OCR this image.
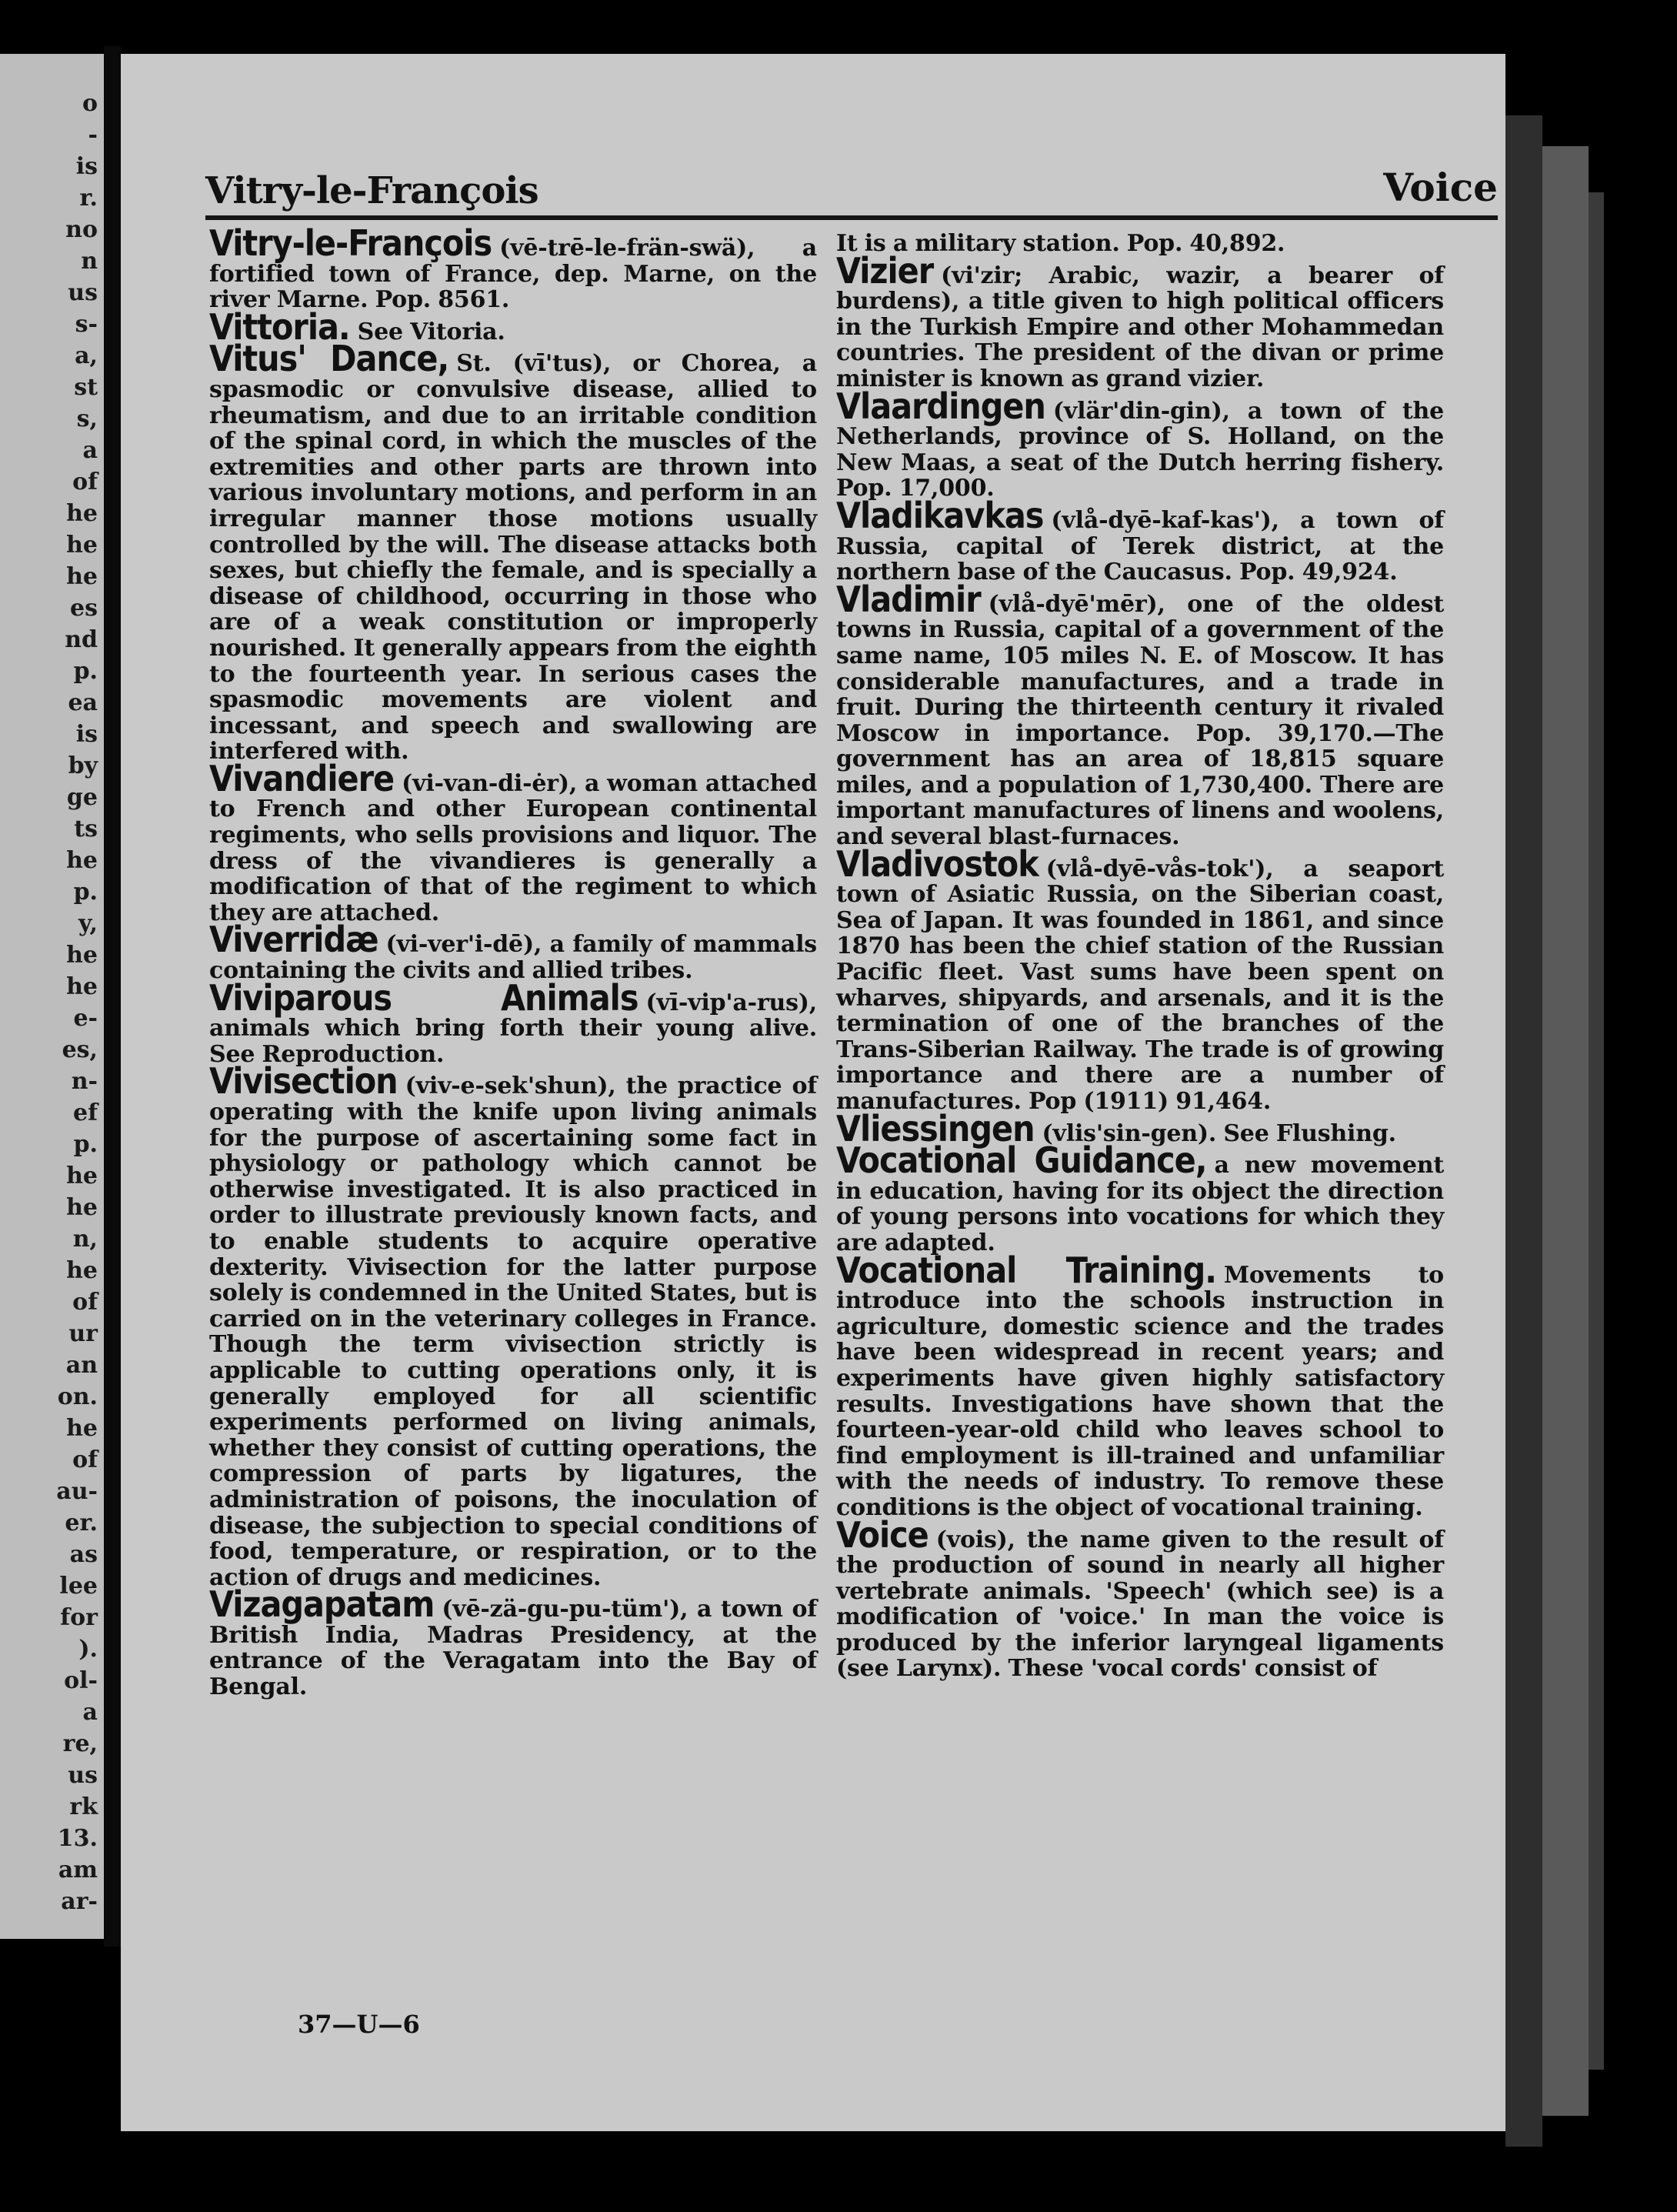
o
-
is
r.
no
n
us
s-
a,
st
s,
a
of
he
he
he
es
nd
p.
ea
is
by
ge
ts
he
p.
y,
he
he
e-
es,
n-
ef
p.
he
he
n,
he
of
ur
an
on.
he
of
au-
er.
as
lee
for
).
ol-
a
re,
us
rk
13.
am
ar-
Vitry-le-François	Voice

Vitry-le-François (vē-trē-le-frän-swä), a fortified town of France, dep. Marne, on the river Marne. Pop. 8561.

Vittoria. See Vitoria.

Vitus' Dance, St. (vī'tus), or Chorea, a spasmodic or convulsive disease, allied to rheumatism, and due to an irritable condition of the spinal cord, in which the muscles of the extremities and other parts are thrown into various involuntary motions, and perform in an irregular manner those motions usually controlled by the will. The disease attacks both sexes, but chiefly the female, and is specially a disease of childhood, occurring in those who are of a weak constitution or improperly nourished. It generally appears from the eighth to the fourteenth year. In serious cases the spasmodic movements are violent and incessant, and speech and swallowing are interfered with.

Vivandiere (vi-van-di-ėr), a woman attached to French and other European continental regiments, who sells provisions and liquor. The dress of the vivandieres is generally a modification of that of the regiment to which they are attached.

Viverridæ (vi-ver'i-dē), a family of mammals containing the civits and allied tribes.

Viviparous Animals (vī-vip'a-rus), animals which bring forth their young alive. See Reproduction.

Vivisection (viv-e-sek'shun), the practice of operating with the knife upon living animals for the purpose of ascertaining some fact in physiology or pathology which cannot be otherwise investigated. It is also practiced in order to illustrate previously known facts, and to enable students to acquire operative dexterity. Vivisection for the latter purpose solely is condemned in the United States, but is carried on in the veterinary colleges in France. Though the term vivisection strictly is applicable to cutting operations only, it is generally employed for all scientific experiments performed on living animals, whether they consist of cutting operations, the compression of parts by ligatures, the administration of poisons, the inoculation of disease, the subjection to special conditions of food, temperature, or respiration, or to the action of drugs and medicines.

Vizagapatam (vē-zä-gu-pu-tüm'), a town of British India, Madras Presidency, at the entrance of the Veragatam into the Bay of Bengal.

It is a military station. Pop. 40,892.

Vizier (vi'zir; Arabic, wazir, a bearer of burdens), a title given to high political officers in the Turkish Empire and other Mohammedan countries. The president of the divan or prime minister is known as grand vizier.

Vlaardingen (vlär'din-gin), a town of the Netherlands, province of S. Holland, on the New Maas, a seat of the Dutch herring fishery. Pop. 17,000.

Vladikavkas (vlå-dyē-kaf-kas'), a town of Russia, capital of Terek district, at the northern base of the Caucasus. Pop. 49,924.

Vladimir (vlå-dyē'mēr), one of the oldest towns in Russia, capital of a government of the same name, 105 miles N. E. of Moscow. It has considerable manufactures, and a trade in fruit. During the thirteenth century it rivaled Moscow in importance. Pop. 39,170.—The government has an area of 18,815 square miles, and a population of 1,730,400. There are important manufactures of linens and woolens, and several blast-furnaces.

Vladivostok (vlå-dyē-vås-tok'), a seaport town of Asiatic Russia, on the Siberian coast, Sea of Japan. It was founded in 1861, and since 1870 has been the chief station of the Russian Pacific fleet. Vast sums have been spent on wharves, shipyards, and arsenals, and it is the termination of one of the branches of the Trans-Siberian Railway. The trade is of growing importance and there are a number of manufactures. Pop (1911) 91,464.

Vliessingen (vlis'sin-gen). See Flushing.

Vocational Guidance, a new movement in education, having for its object the direction of young persons into vocations for which they are adapted.

Vocational Training. Movements to introduce into the schools instruction in agriculture, domestic science and the trades have been widespread in recent years; and experiments have given highly satisfactory results. Investigations have shown that the fourteen-year-old child who leaves school to find employment is ill-trained and unfamiliar with the needs of industry. To remove these conditions is the object of vocational training.

Voice (vois), the name given to the result of the production of sound in nearly all higher vertebrate animals. 'Speech' (which see) is a modification of 'voice.' In man the voice is produced by the inferior laryngeal ligaments (see Larynx). These 'vocal cords' consist of

37—U—6
